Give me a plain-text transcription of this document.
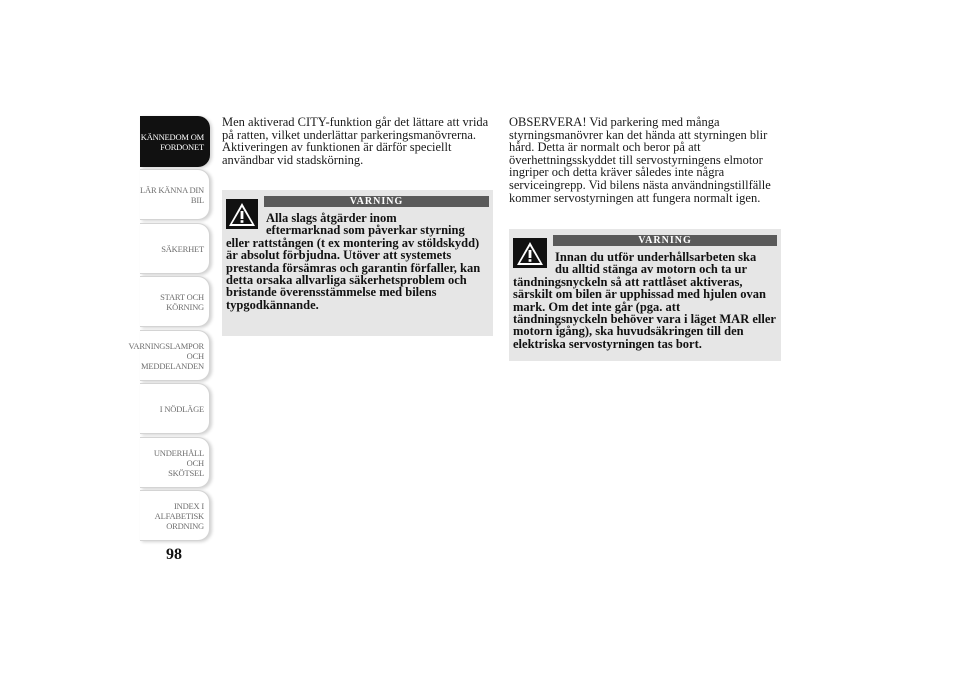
KÄNNEDOM OM
FORDONET
LÄR KÄNNA DIN
BIL
SÄKERHET
START OCH
KÖRNING
VARNINGSLAMPOR
OCH
MEDDELANDEN
I NÖDLÄGE
UNDERHÅLL OCH
SKÖTSEL
INDEX I
ALFABETISK
ORDNING
98

Men aktiverad CITY-funktion går det lättare att vrida på ratten, vilket underlättar parkeringsmanövrerna. Aktiveringen av funktionen är därför speciellt användbar vid stadskörning.

VARNING
Alla slags åtgärder inom
eftermarknad som påverkar styrning
eller rattstången (t ex montering av stöldskydd) är absolut förbjudna. Utöver att systemets prestanda försämras och garantin förfaller, kan detta orsaka allvarliga säkerhetsproblem och bristande överensstämmelse med bilens typgodkännande.

OBSERVERA! Vid parkering med många styrningsmanövrer kan det hända att styrningen blir hård. Detta är normalt och beror på att överhettningsskyddet till servostyrningens elmotor ingriper och detta kräver således inte några serviceingrepp. Vid bilens nästa användningstillfälle kommer servostyrningen att fungera normalt igen.

VARNING
Innan du utför underhållsarbeten ska
du alltid stänga av motorn och ta ur
tändningsnyckeln så att rattlåset aktiveras, särskilt om bilen är upphissad med hjulen ovan mark. Om det inte går (pga. att tändningsnyckeln behöver vara i läget MAR eller motorn igång), ska huvudsäkringen till den elektriska servostyrningen tas bort.
